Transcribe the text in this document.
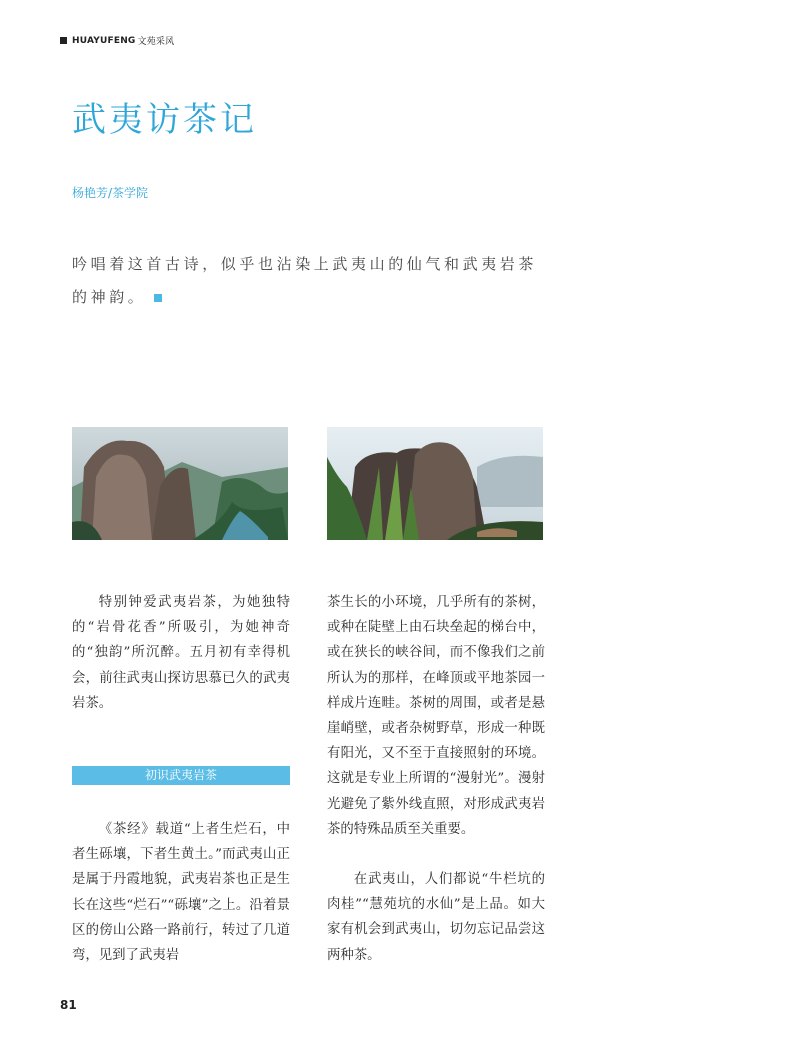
HUAYUFENG 文苑采风
武夷访茶记
杨艳芳/茶学院

吟唱着这首古诗，似乎也沾染上武夷山的仙气和武夷岩茶

的神韵。

特别钟爱武夷岩茶，为她独特的“岩骨花香”所吸引，为她神奇的“独韵”所沉醉。五月初有幸得机会，前往武夷山探访思慕已久的武夷岩茶。

初识武夷岩茶

《茶经》载道“上者生烂石，中者生砾壤，下者生黄土。”而武夷山正是属于丹霞地貌，武夷岩茶也正是生长在这些“烂石”“砾壤”之上。沿着景区的傍山公路一路前行，转过了几道弯，见到了武夷岩

茶生长的小环境，几乎所有的茶树，或种在陡壁上由石块垒起的梯台中，或在狭长的峡谷间，而不像我们之前所认为的那样，在峰顶或平地茶园一样成片连畦。茶树的周围，或者是悬崖峭壁，或者杂树野草，形成一种既有阳光，又不至于直接照射的环境。这就是专业上所谓的“漫射光”。漫射光避免了紫外线直照，对形成武夷岩茶的特殊品质至关重要。

在武夷山，人们都说“牛栏坑的肉桂”“慧苑坑的水仙”是上品。如大家有机会到武夷山，切勿忘记品尝这两种茶。

81
